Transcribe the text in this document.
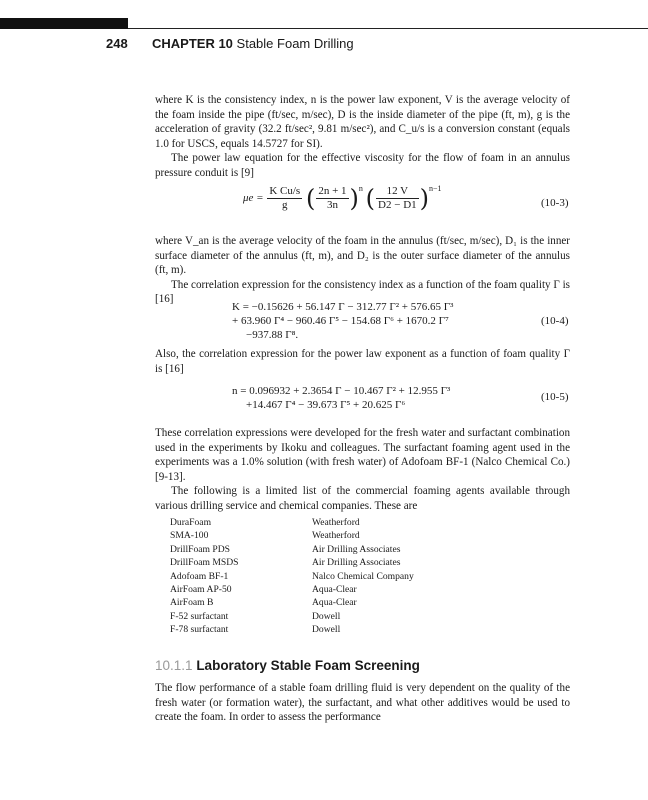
248 CHAPTER 10 Stable Foam Drilling

where K is the consistency index, n is the power law exponent, V is the average velocity of the foam inside the pipe (ft/sec, m/sec), D is the inside diameter of the pipe (ft, m), g is the acceleration of gravity (32.2 ft/sec², 9.81 m/sec²), and C_u/s is a conversion constant (equals 1.0 for USCS, equals 14.5727 for SI).

The power law equation for the effective viscosity for the flow of foam in an annulus pressure conduit is [9]

$\mu e = \frac{\text{K Cu/s}}{g}$ ( $\frac{2n + 1}{3n} )^n$ ( $\frac{12 V}{D2 - D1} )^{n-1}$
(10-3)

where V_an is the average velocity of the foam in the annulus (ft/sec, m/sec), D₁ is the inner surface diameter of the annulus (ft, m), and D₂ is the outer surface diameter of the annulus (ft, m).

The correlation expression for the consistency index as a function of the foam quality Γ is [16]

K = −0.15626 + 56.147 Γ − 312.77 Γ² + 576.65 Γ³
+ 63.960 Γ⁴ − 960.46 Γ⁵ − 154.68 Γ⁶ + 1670.2 Γ⁷
−937.88 Γ⁸.
(10-4)

Also, the correlation expression for the power law exponent as a function of foam quality Γ is [16]

n = 0.096932 + 2.3654 Γ − 10.467 Γ² + 12.955 Γ³
+14.467 Γ⁴ − 39.673 Γ⁵ + 20.625 Γ⁶
(10-5)

These correlation expressions were developed for the fresh water and surfactant combination used in the experiments by Ikoku and colleagues. The surfactant foaming agent used in the experiments was a 1.0% solution (with fresh water) of Adofoam BF-1 (Nalco Chemical Co.)[9-13].

The following is a limited list of the commercial foaming agents available through various drilling service and chemical companies. These are

DuraFoam	Weatherford
SMA-100	Weatherford
DrillFoam PDS	Air Drilling Associates
DrillFoam MSDS	Air Drilling Associates
Adofoam BF-1	Nalco Chemical Company
AirFoam AP-50	Aqua-Clear
AirFoam B	Aqua-Clear
F-52 surfactant	Dowell
F-78 surfactant	Dowell
10.1.1 Laboratory Stable Foam Screening

The flow performance of a stable foam drilling fluid is very dependent on the quality of the fresh water (or formation water), the surfactant, and what other additives would be used to create the foam. In order to assess the performance
